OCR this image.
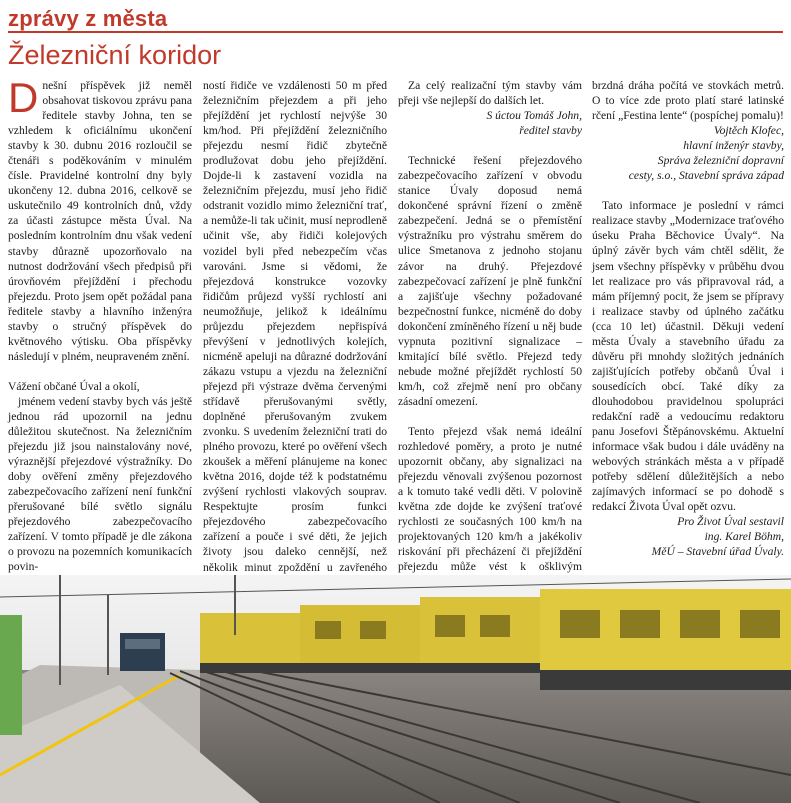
zprávy z města
Železniční koridor

Dnešní příspěvek již neměl obsahovat tiskovou zprávu pana ředitele stavby Johna, ten se vzhledem k oficiálnímu ukončení stavby k 30. dubnu 2016 rozloučil se čtenáři s poděkováním v minulém čísle. Pravidelné kontrolní dny byly ukončeny 12. dubna 2016, celkově se uskutečnilo 49 kontrolních dnů, vždy za účasti zástupce města Úval. Na posledním kontrolním dnu však vedení stavby důrazně upozorňovalo na nutnost dodržování všech předpisů při úrovňovém přejíždění i přechodu přejezdu. Proto jsem opět požádal pana ředitele stavby a hlavního inženýra stavby o stručný příspěvek do květnového výtisku. Oba příspěvky následují v plném, neupraveném znění.

Vážení občané Úval a okolí,

jménem vedení stavby bych vás ještě jednou rád upozornil na jednu důležitou skutečnost. Na železničním přejezdu již jsou nainstalovány nové, výraznější přejezdové výstražníky. Do doby ověření změny přejezdového zabezpečovacího zařízení není funkční přerušované bílé světlo signálu přejezdového zabezpečovacího zařízení. V tomto případě je dle zákona o provozu na pozemních komunikacích povin-

ností řidiče ve vzdálenosti 50 m před železničním přejezdem a při jeho přejíždění jet rychlostí nejvýše 30 km/hod. Při přejíždění železničního přejezdu nesmí řidič zbytečně prodlužovat dobu jeho přejíždění. Dojde-li k zastavení vozidla na železničním přejezdu, musí jeho řidič odstranit vozidlo mimo železniční trať, a nemůže-li tak učinit, musí neprodleně učinit vše, aby řidiči kolejových vozidel byli před nebezpečím včas varováni. Jsme si vědomi, že přejezdová konstrukce vozovky řidičům průjezd vyšší rychlostí ani neumožňuje, jelikož k ideálnímu průjezdu přejezdem nepřispívá převýšení v jednotlivých kolejích, nicméně apeluji na důrazné dodržování zákazu vstupu a vjezdu na železniční přejezd při výstraze dvěma červenými střídavě přerušovanými světly, doplněné přerušovaným zvukem zvonku. S uvedením železniční trati do plného provozu, které po ověření všech zkoušek a měření plánujeme na konec května 2016, dojde též k podstatnému zvýšení rychlosti vlakových souprav. Respektujte prosím funkci přejezdového zabezpečovacího zařízení a pouče i své děti, že jejich životy jsou daleko cennější, než několik minut zpoždění u zavřeného

Za celý realizační tým stavby vám přeji vše nejlepší do dalších let.

S úctou Tomáš John,
ředitel stavby

Technické řešení přejezdového zabezpečovacího zařízení v obvodu stanice Úvaly doposud nemá dokončené správní řízení o změně zabezpečení. Jedná se o přemístění výstražníku pro výstrahu směrem do ulice Smetanova z jednoho stojanu závor na druhý. Přejezdové zabezpečovací zařízení je plně funkční a zajišťuje všechny požadované bezpečnostní funkce, nicméně do doby dokončení zmíněného řízení u něj bude vypnuta pozitivní signalizace – kmitající bílé světlo. Přejezd tedy nebude možné přejíždět rychlostí 50 km/h, což zřejmě není pro občany zásadní omezení.

Tento přejezd však nemá ideální rozhledové poměry, a proto je nutné upozornit občany, aby signalizaci na přejezdu věnovali zvýšenou pozornost a k tomuto také vedli děti. V polovině května zde dojde ke zvýšení traťové rychlosti ze současných 100 km/h na projektovaných 120 km/h a jakékoliv riskování při přecházení či přejíždění přejezdu může vést k ošklivým

brzdná dráha počítá ve stovkách metrů. O to více zde proto platí staré latinské rčení „Festina lente“ (pospíchej pomalu)!

Vojtěch Klofec,
hlavní inženýr stavby,
Správa železniční dopravní
cesty, s.o., Stavební správa západ

Tato informace je poslední v rámci realizace stavby „Modernizace traťového úseku Praha Běchovice Úvaly“. Na úplný závěr bych vám chtěl sdělit, že jsem všechny příspěvky v průběhu dvou let realizace pro vás připravoval rád, a mám příjemný pocit, že jsem se přípravy i realizace stavby od úplného začátku (cca 10 let) účastnil. Děkuji vedení města Úvaly a stavebního úřadu za důvěru při mnohdy složitých jednáních zajišťujících potřeby občanů Úval i sousedících obcí. Také díky za dlouhodobou pravidelnou spolupráci redakční radě a vedoucímu redaktoru panu Josefovi Štěpánovskému. Aktuelní informace však budou i dále uváděny na webových stránkách města a v případě potřeby sdělení důležitějších a nebo zajímavých informací se po dohodě s redakcí Života Úval opět ozvu.

Pro Život Úval sestavil
ing. Karel Böhm,
MěÚ – Stavební úřad Úvaly.
